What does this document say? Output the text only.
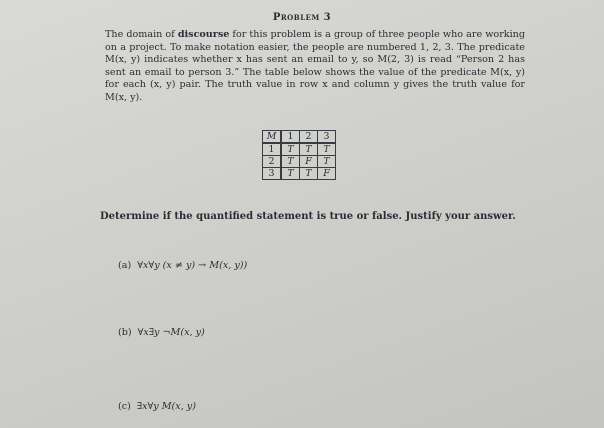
Problem 3

The domain of discourse for this problem is a group of three people who are working on a project. To make notation easier, the people are numbered 1, 2, 3. The predicate M(x, y) indicates whether x has sent an email to y, so M(2, 3) is read “Person 2 has sent an email to person 3.” The table below shows the value of the predicate M(x, y) for each (x, y) pair. The truth value in row x and column y gives the truth value for M(x, y).

M	1	2	3
1	T	T	T
2	T	F	T
3	T	T	F
Determine if the quantified statement is true or false. Justify your answer.
(a) ∀x∀y (x ≠ y) → M(x, y))
(b) ∀x∃y ¬M(x, y)
(c) ∃x∀y M(x, y)
